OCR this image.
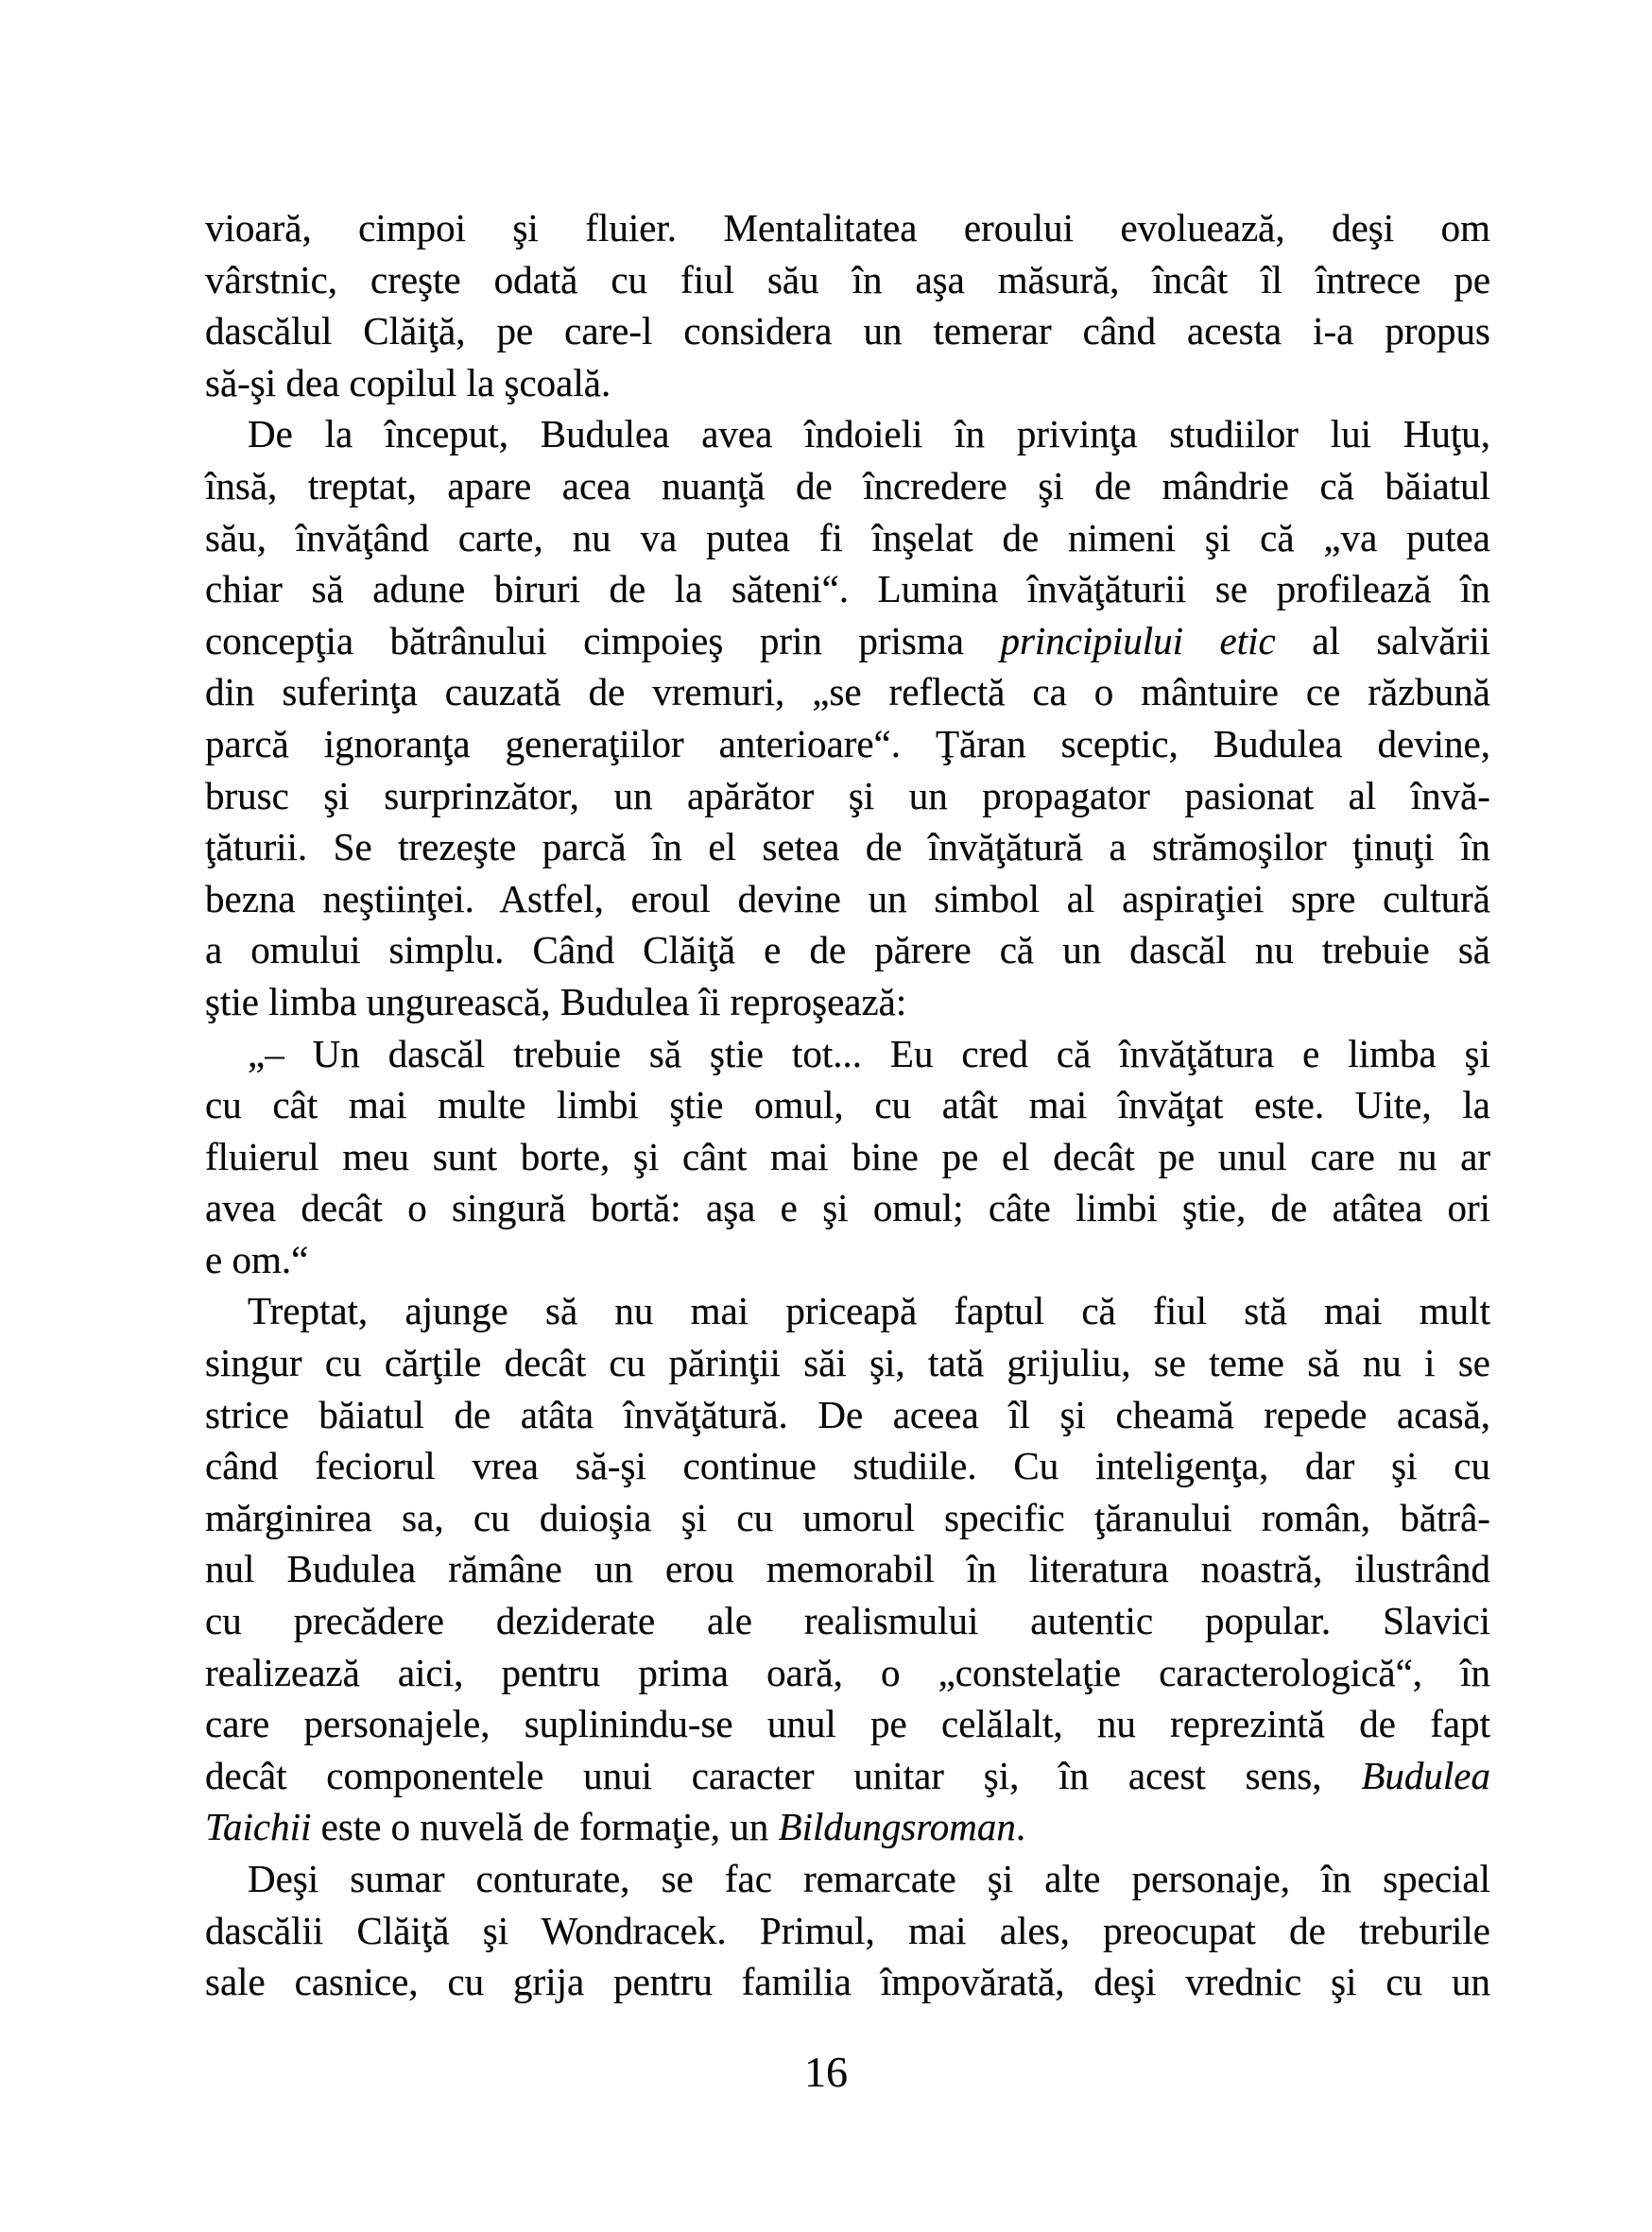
vioară, cimpoi şi fluier. Mentalitatea eroului evoluează, deşi om
vârstnic, creşte odată cu fiul său în aşa măsură, încât îl întrece pe
dascălul Clăiţă, pe care-l considera un temerar când acesta i-a propus
să-şi dea copilul la şcoală.
De la început, Budulea avea îndoieli în privinţa studiilor lui Huţu,
însă, treptat, apare acea nuanţă de încredere şi de mândrie că băiatul
său, învăţând carte, nu va putea fi înşelat de nimeni şi că „va putea
chiar să adune biruri de la săteni“. Lumina învăţăturii se profilează în
concepţia bătrânului cimpoieş prin prisma principiului etic al salvării
din suferinţa cauzată de vremuri, „se reflectă ca o mântuire ce răzbună
parcă ignoranţa generaţiilor anterioare“. Ţăran sceptic, Budulea devine,
brusc şi surprinzător, un apărător şi un propagator pasionat al învă-
ţăturii. Se trezeşte parcă în el setea de învăţătură a strămoşilor ţinuţi în
bezna neştiinţei. Astfel, eroul devine un simbol al aspiraţiei spre cultură
a omului simplu. Când Clăiţă e de părere că un dascăl nu trebuie să
ştie limba ungurească, Budulea îi reproşează:
„– Un dascăl trebuie să ştie tot... Eu cred că învăţătura e limba şi
cu cât mai multe limbi ştie omul, cu atât mai învăţat este. Uite, la
fluierul meu sunt borte, şi cânt mai bine pe el decât pe unul care nu ar
avea decât o singură bortă: aşa e şi omul; câte limbi ştie, de atâtea ori
e om.“
Treptat, ajunge să nu mai priceapă faptul că fiul stă mai mult
singur cu cărţile decât cu părinţii săi şi, tată grijuliu, se teme să nu i se
strice băiatul de atâta învăţătură. De aceea îl şi cheamă repede acasă,
când feciorul vrea să-şi continue studiile. Cu inteligenţa, dar şi cu
mărginirea sa, cu duioşia şi cu umorul specific ţăranului român, bătrâ-
nul Budulea rămâne un erou memorabil în literatura noastră, ilustrând
cu precădere deziderate ale realismului autentic popular. Slavici
realizează aici, pentru prima oară, o „constelaţie caracterologică“, în
care personajele, suplinindu-se unul pe celălalt, nu reprezintă de fapt
decât componentele unui caracter unitar şi, în acest sens, Budulea
Taichii este o nuvelă de formaţie, un Bildungsroman.
Deşi sumar conturate, se fac remarcate şi alte personaje, în special
dascălii Clăiţă şi Wondracek. Primul, mai ales, preocupat de treburile
sale casnice, cu grija pentru familia împovărată, deşi vrednic şi cu un
16
